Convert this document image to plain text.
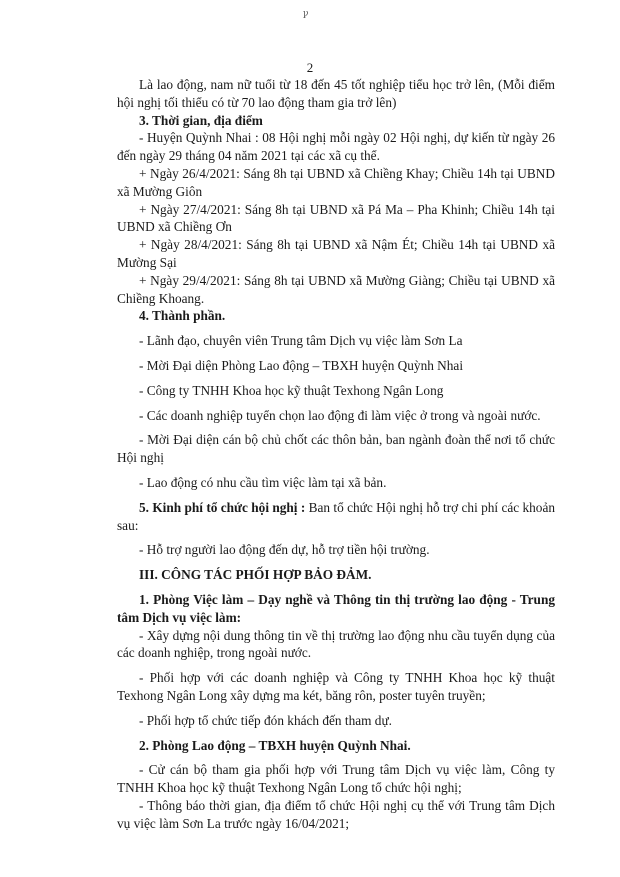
ꝩ
2

Là lao động, nam nữ tuổi từ 18 đến 45 tốt nghiệp tiểu học trở lên, (Mỗi điểm hội nghị tối thiểu có từ 70 lao động tham gia trở lên)

3. Thời gian, địa điểm

- Huyện Quỳnh Nhai : 08 Hội nghị mỗi ngày 02 Hội nghị, dự kiến từ ngày 26 đến ngày 29 tháng 04 năm 2021 tại các xã cụ thể.

+ Ngày 26/4/2021: Sáng 8h tại UBND xã Chiềng Khay; Chiều 14h tại UBND xã Mường Giôn

+ Ngày 27/4/2021: Sáng 8h tại UBND xã Pá Ma – Pha Khinh; Chiều 14h tại UBND xã Chiềng Ơn

+ Ngày 28/4/2021: Sáng 8h tại UBND xã Nậm Ét; Chiều 14h tại UBND xã Mường Sại

+ Ngày 29/4/2021: Sáng 8h tại UBND xã Mường Giàng; Chiều tại UBND xã Chiềng Khoang.

4. Thành phần.

- Lãnh đạo, chuyên viên Trung tâm Dịch vụ việc làm Sơn La

- Mời Đại diện Phòng Lao động – TBXH huyện Quỳnh Nhai

- Công ty TNHH Khoa học kỹ thuật Texhong Ngân Long

- Các doanh nghiệp tuyển chọn lao động đi làm việc ở trong và ngoài nước.

- Mời Đại diện cán bộ chủ chốt các thôn bản, ban ngành đoàn thể nơi tổ chức Hội nghị

- Lao động có nhu cầu tìm việc làm tại xã bản.

5. Kinh phí tổ chức hội nghị : Ban tổ chức Hội nghị hỗ trợ chi phí các khoản sau:

- Hỗ trợ người lao động đến dự, hỗ trợ tiền hội trường.

III. CÔNG TÁC PHỐI HỢP BẢO ĐẢM.

1. Phòng Việc làm – Dạy nghề và Thông tin thị trường lao động - Trung tâm Dịch vụ việc làm:

- Xây dựng nội dung thông tin về thị trường lao động nhu cầu tuyển dụng của các doanh nghiệp, trong ngoài nước.

- Phối hợp với các doanh nghiệp và Công ty TNHH Khoa học kỹ thuật Texhong Ngân Long xây dựng ma két, băng rôn, poster tuyên truyền;

- Phối hợp tổ chức tiếp đón khách đến tham dự.

2. Phòng Lao động – TBXH huyện Quỳnh Nhai.

- Cử cán bộ tham gia phối hợp với Trung tâm Dịch vụ việc làm, Công ty TNHH Khoa học kỹ thuật Texhong Ngân Long tổ chức hội nghị;

- Thông báo thời gian, địa điểm tổ chức Hội nghị cụ thể với Trung tâm Dịch vụ việc làm Sơn La trước ngày 16/04/2021;
